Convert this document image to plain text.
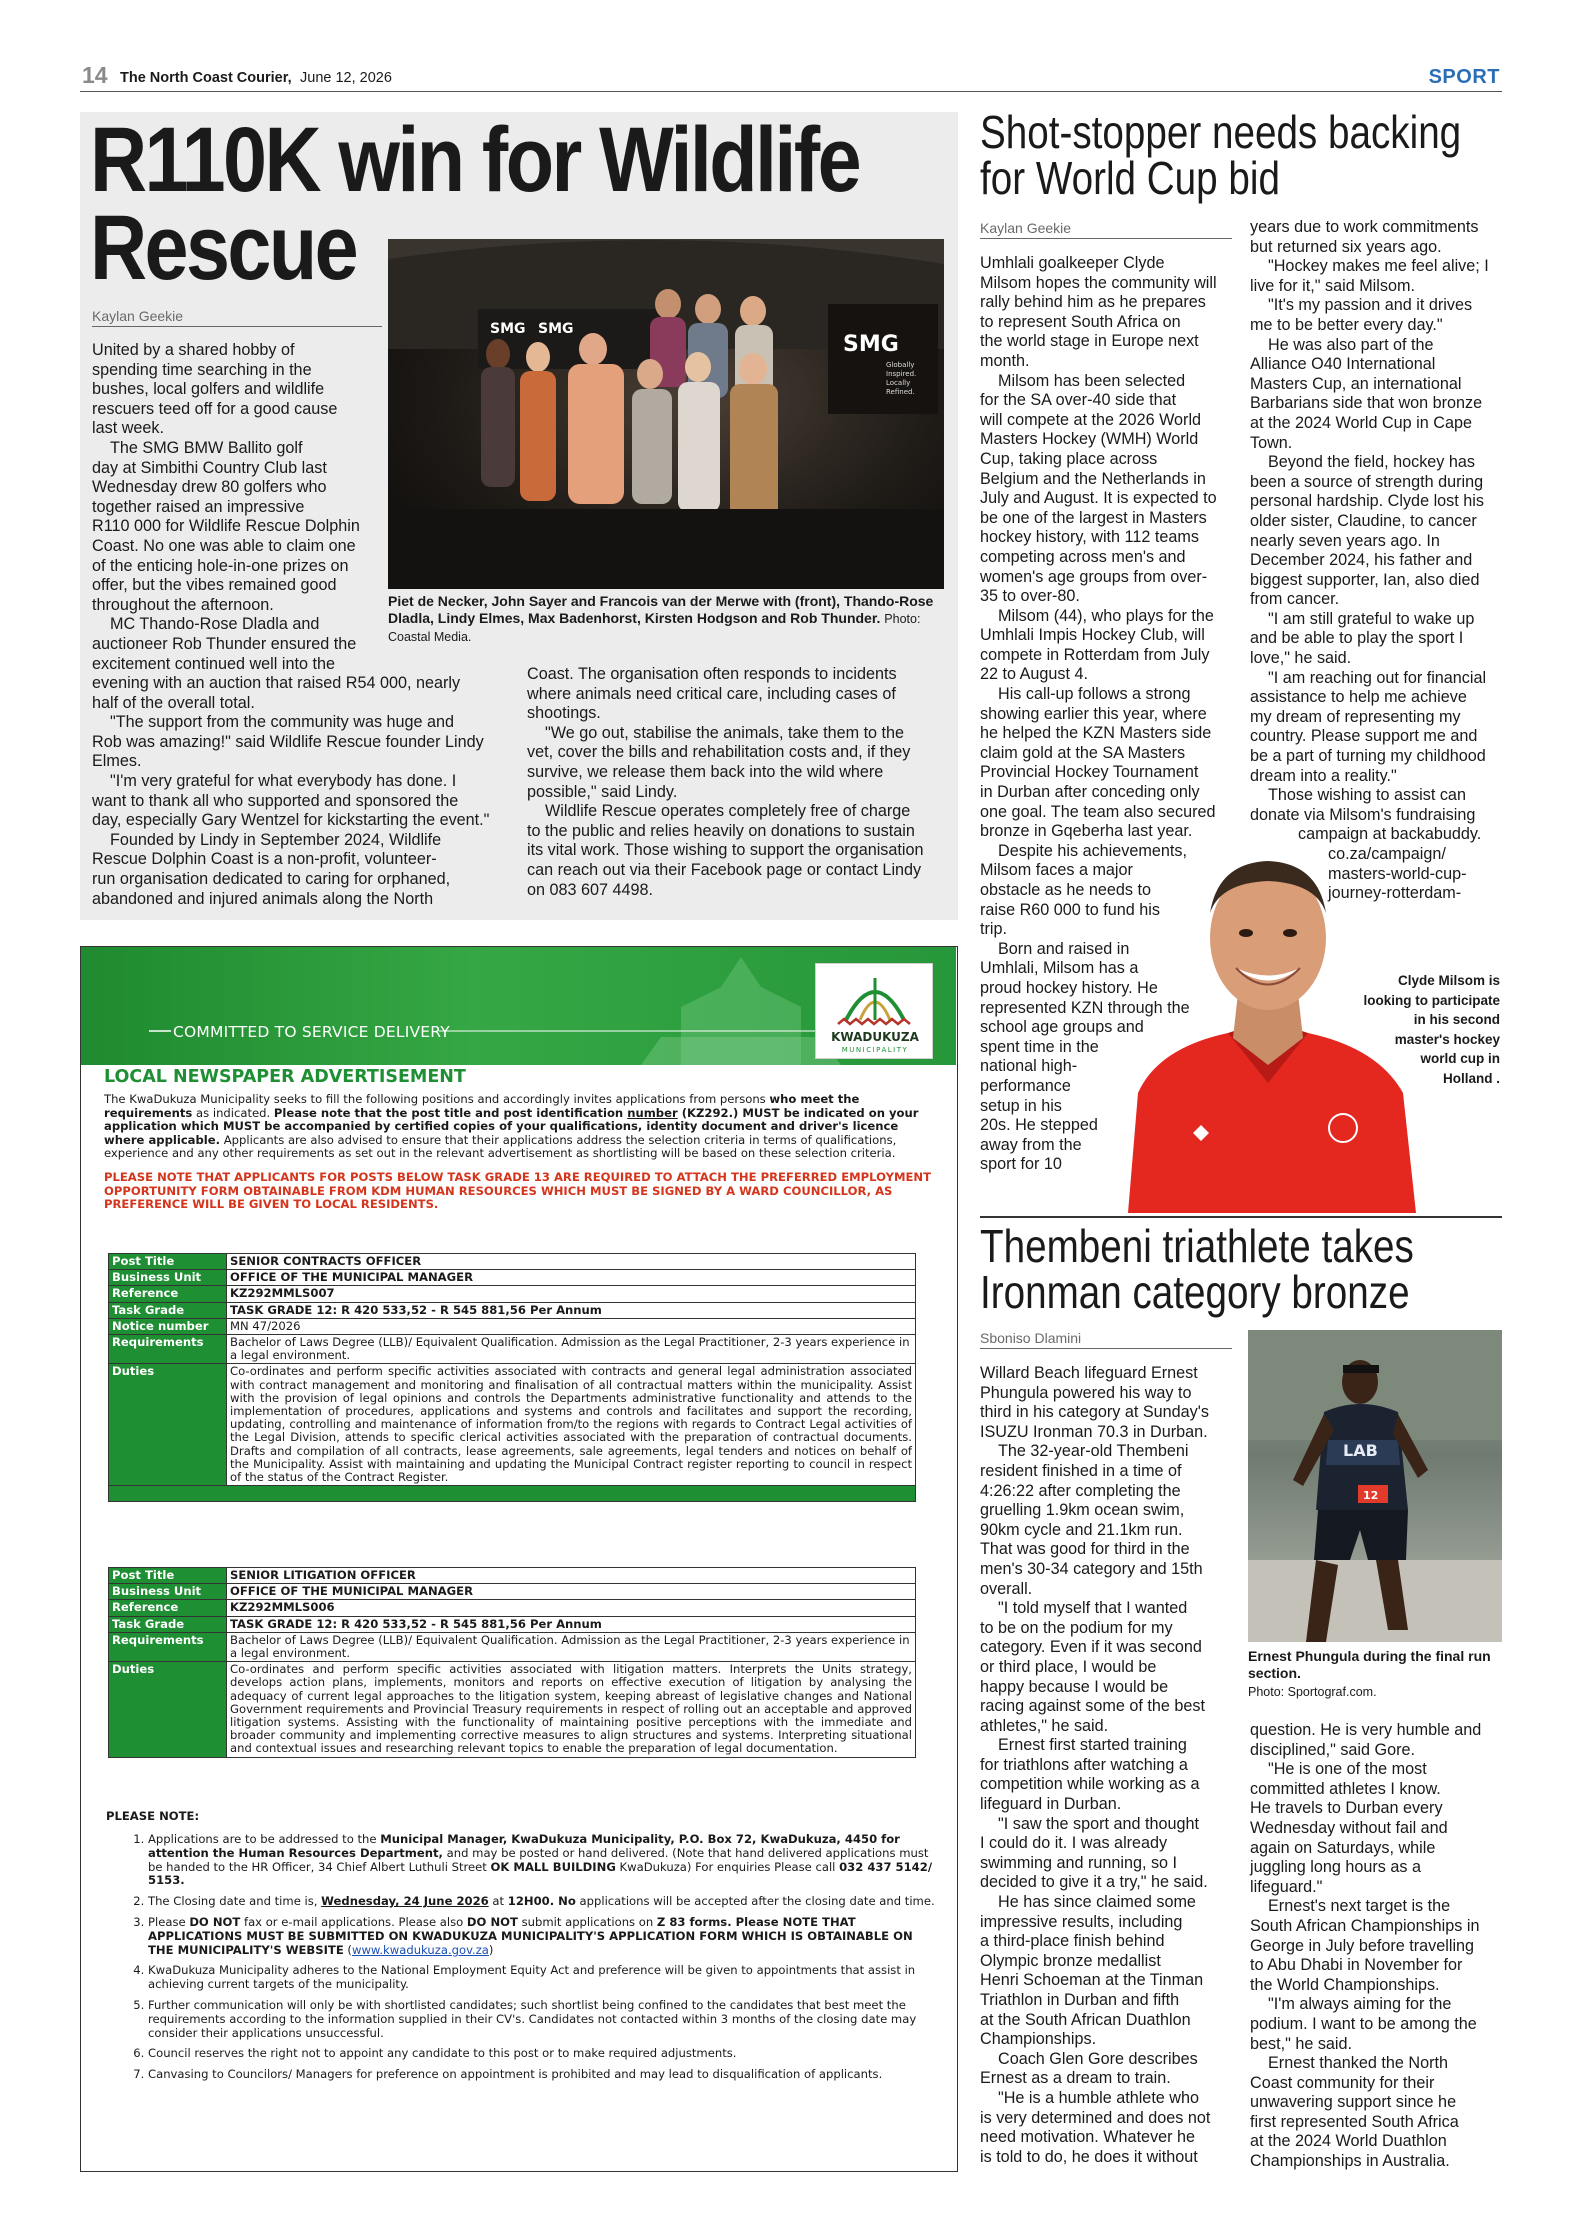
14 The North Coast Courier, June 12, 2026	SPORT
R110K win for Wildlife
Rescue
Kaylan Geekie
SMG SMG
SMG
Globally
Inspired.
Locally
Refined.
Piet de Necker, John Sayer and Francois van der Merwe with (front), Thando-Rose Dladla, Lindy Elmes, Max Badenhorst, Kirsten Hodgson and Rob Thunder. Photo: Coastal Media.

United by a shared hobby of

spending time searching in the

bushes, local golfers and wildlife

rescuers teed off for a good cause

last week.

The SMG BMW Ballito golf

day at Simbithi Country Club last

Wednesday drew 80 golfers who

together raised an impressive

R110 000 for Wildlife Rescue Dolphin

Coast. No one was able to claim one

of the enticing hole-in-one prizes on

offer, but the vibes remained good

throughout the afternoon.

MC Thando-Rose Dladla and

auctioneer Rob Thunder ensured the

excitement continued well into the

evening with an auction that raised R54 000, nearly

half of the overall total.

"The support from the community was huge and

Rob was amazing!" said Wildlife Rescue founder Lindy

Elmes.

"I'm very grateful for what everybody has done. I

want to thank all who supported and sponsored the

day, especially Gary Wentzel for kickstarting the event."

Founded by Lindy in September 2024, Wildlife

Rescue Dolphin Coast is a non-profit, volunteer-

run organisation dedicated to caring for orphaned,

abandoned and injured animals along the North

Coast. The organisation often responds to incidents

where animals need critical care, including cases of

shootings.

"We go out, stabilise the animals, take them to the

vet, cover the bills and rehabilitation costs and, if they

survive, we release them back into the wild where

possible," said Lindy.

Wildlife Rescue operates completely free of charge

to the public and relies heavily on donations to sustain

its vital work. Those wishing to support the organisation

can reach out via their Facebook page or contact Lindy

on 083 607 4498.

Shot-stopper needs backing
for World Cup bid
Kaylan Geekie

Umhlali goalkeeper Clyde

Milsom hopes the community will

rally behind him as he prepares

to represent South Africa on

the world stage in Europe next

month.

Milsom has been selected

for the SA over-40 side that

will compete at the 2026 World

Masters Hockey (WMH) World

Cup, taking place across

Belgium and the Netherlands in

July and August. It is expected to

be one of the largest in Masters

hockey history, with 112 teams

competing across men's and

women's age groups from over-

35 to over-80.

Milsom (44), who plays for the

Umhlali Impis Hockey Club, will

compete in Rotterdam from July

22 to August 4.

His call-up follows a strong

showing earlier this year, where

he helped the KZN Masters side

claim gold at the SA Masters

Provincial Hockey Tournament

in Durban after conceding only

one goal. The team also secured

bronze in Gqeberha last year.

Despite his achievements,

Milsom faces a major

obstacle as he needs to

raise R60 000 to fund his

trip.

Born and raised in

Umhlali, Milsom has a

proud hockey history. He

represented KZN through the

school age groups and

spent time in the

national high-

performance

setup in his

20s. He stepped

away from the

sport for 10

years due to work commitments

but returned six years ago.

"Hockey makes me feel alive; I

live for it," said Milsom.

"It's my passion and it drives

me to be better every day."

He was also part of the

Alliance O40 International

Masters Cup, an international

Barbarians side that won bronze

at the 2024 World Cup in Cape

Town.

Beyond the field, hockey has

been a source of strength during

personal hardship. Clyde lost his

older sister, Claudine, to cancer

nearly seven years ago. In

December 2024, his father and

biggest supporter, Ian, also died

from cancer.

"I am still grateful to wake up

and be able to play the sport I

love," he said.

"I am reaching out for financial

assistance to help me achieve

my dream of representing my

country. Please support me and

be a part of turning my childhood

dream into a reality."

Those wishing to assist can

donate via Milsom's fundraising

campaign at backabuddy.

co.za/campaign/

masters-world-cup-

journey-rotterdam-

Clyde Milsom is
looking to participate
in his second
master's hockey
world cup in
Holland .
Thembeni triathlete takes
Ironman category bronze
Sboniso Dlamini
LAB
12
Ernest Phungula during the final run section.
Photo: Sportograf.com.

Willard Beach lifeguard Ernest

Phungula powered his way to

third in his category at Sunday's

ISUZU Ironman 70.3 in Durban.

The 32-year-old Thembeni

resident finished in a time of

4:26:22 after completing the

gruelling 1.9km ocean swim,

90km cycle and 21.1km run.

That was good for third in the

men's 30-34 category and 15th

overall.

"I told myself that I wanted

to be on the podium for my

category. Even if it was second

or third place, I would be

happy because I would be

racing against some of the best

athletes," he said.

Ernest first started training

for triathlons after watching a

competition while working as a

lifeguard in Durban.

"I saw the sport and thought

I could do it. I was already

swimming and running, so I

decided to give it a try," he said.

He has since claimed some

impressive results, including

a third-place finish behind

Olympic bronze medallist

Henri Schoeman at the Tinman

Triathlon in Durban and fifth

at the South African Duathlon

Championships.

Coach Glen Gore describes

Ernest as a dream to train.

"He is a humble athlete who

is very determined and does not

need motivation. Whatever he

is told to do, he does it without

question. He is very humble and

disciplined," said Gore.

"He is one of the most

committed athletes I know.

He travels to Durban every

Wednesday without fail and

again on Saturdays, while

juggling long hours as a

lifeguard."

Ernest's next target is the

South African Championships in

George in July before travelling

to Abu Dhabi in November for

the World Championships.

"I'm always aiming for the

podium. I want to be among the

best," he said.

Ernest thanked the North

Coast community for their

unwavering support since he

first represented South Africa

at the 2024 World Duathlon

Championships in Australia.

COMMITTED TO SERVICE DELIVERY	KWADUKUZA
MUNICIPALITY
LOCAL NEWSPAPER ADVERTISEMENT

The KwaDukuza Municipality seeks to fill the following positions and accordingly invites applications from persons who meet the requirements as indicated. Please note that the post title and post identification number (KZ292.) MUST be indicated on your application which MUST be accompanied by certified copies of your qualifications, identity document and driver's licence where applicable. Applicants are also advised to ensure that their applications address the selection criteria in terms of qualifications, experience and any other requirements as set out in the relevant advertisement as shortlisting will be based on these selection criteria.

PLEASE NOTE THAT APPLICANTS FOR POSTS BELOW TASK GRADE 13 ARE REQUIRED TO ATTACH THE PREFERRED EMPLOYMENT OPPORTUNITY FORM OBTAINABLE FROM KDM HUMAN RESOURCES WHICH MUST BE SIGNED BY A WARD COUNCILLOR, AS PREFERENCE WILL BE GIVEN TO LOCAL RESIDENTS.

Post Title	SENIOR CONTRACTS OFFICER
Business Unit	OFFICE OF THE MUNICIPAL MANAGER
Reference	KZ292MMLS007
Task Grade	TASK GRADE 12: R 420 533,52 - R 545 881,56 Per Annum
Notice number	MN 47/2026
Requirements	Bachelor of Laws Degree (LLB)/ Equivalent Qualification. Admission as the Legal Practitioner, 2-3 years experience in a legal environment.
Duties	Co-ordinates and perform specific activities associated with contracts and general legal administration associated with contract management and monitoring and finalisation of all contractual matters within the municipality. Assist with the provision of legal opinions and controls the Departments administrative functionality and attends to the implementation of procedures, applications and systems and controls and facilitates and support the recording, updating, controlling and maintenance of information from/to the regions with regards to Contract Legal activities of the Legal Division, attends to specific clerical activities associated with the preparation of contractual documents. Drafts and compilation of all contracts, lease agreements, sale agreements, legal tenders and notices on behalf of the Municipality. Assist with maintaining and updating the Municipal Contract register reporting to council in respect of the status of the Contract Register.

Post Title	SENIOR LITIGATION OFFICER
Business Unit	OFFICE OF THE MUNICIPAL MANAGER
Reference	KZ292MMLS006
Task Grade	TASK GRADE 12: R 420 533,52 - R 545 881,56 Per Annum
Requirements	Bachelor of Laws Degree (LLB)/ Equivalent Qualification. Admission as the Legal Practitioner, 2-3 years experience in a legal environment.
Duties	Co-ordinates and perform specific activities associated with litigation matters. Interprets the Units strategy, develops action plans, implements, monitors and reports on effective execution of litigation by analysing the adequacy of current legal approaches to the litigation system, keeping abreast of legislative changes and National Government requirements and Provincial Treasury requirements in respect of rolling out an acceptable and approved litigation systems. Assisting with the functionality of maintaining positive perceptions with the immediate and broader community and implementing corrective measures to align structures and systems. Interpreting situational and contextual issues and researching relevant topics to enable the preparation of legal documentation.
PLEASE NOTE:
1. Applications are to be addressed to the Municipal Manager, KwaDukuza Municipality, P.O. Box 72, KwaDukuza, 4450 for attention the Human Resources Department, and may be posted or hand delivered. (Note that hand delivered applications must be handed to the HR Officer, 34 Chief Albert Luthuli Street OK MALL BUILDING KwaDukuza) For enquiries Please call 032 437 5142/ 5153.
2. The Closing date and time is, Wednesday, 24 June 2026 at 12H00. No applications will be accepted after the closing date and time.
3. Please DO NOT fax or e-mail applications. Please also DO NOT submit applications on Z 83 forms. Please NOTE THAT APPLICATIONS MUST BE SUBMITTED ON KWADUKUZA MUNICIPALITY'S APPLICATION FORM WHICH IS OBTAINABLE ON THE MUNICIPALITY'S WEBSITE (www.kwadukuza.gov.za)
4. KwaDukuza Municipality adheres to the National Employment Equity Act and preference will be given to appointments that assist in achieving current targets of the municipality.
5. Further communication will only be with shortlisted candidates; such shortlist being confined to the candidates that best meet the requirements according to the information supplied in their CV's. Candidates not contacted within 3 months of the closing date may consider their applications unsuccessful.
6. Council reserves the right not to appoint any candidate to this post or to make required adjustments.
7. Canvasing to Councilors/ Managers for preference on appointment is prohibited and may lead to disqualification of applicants.
